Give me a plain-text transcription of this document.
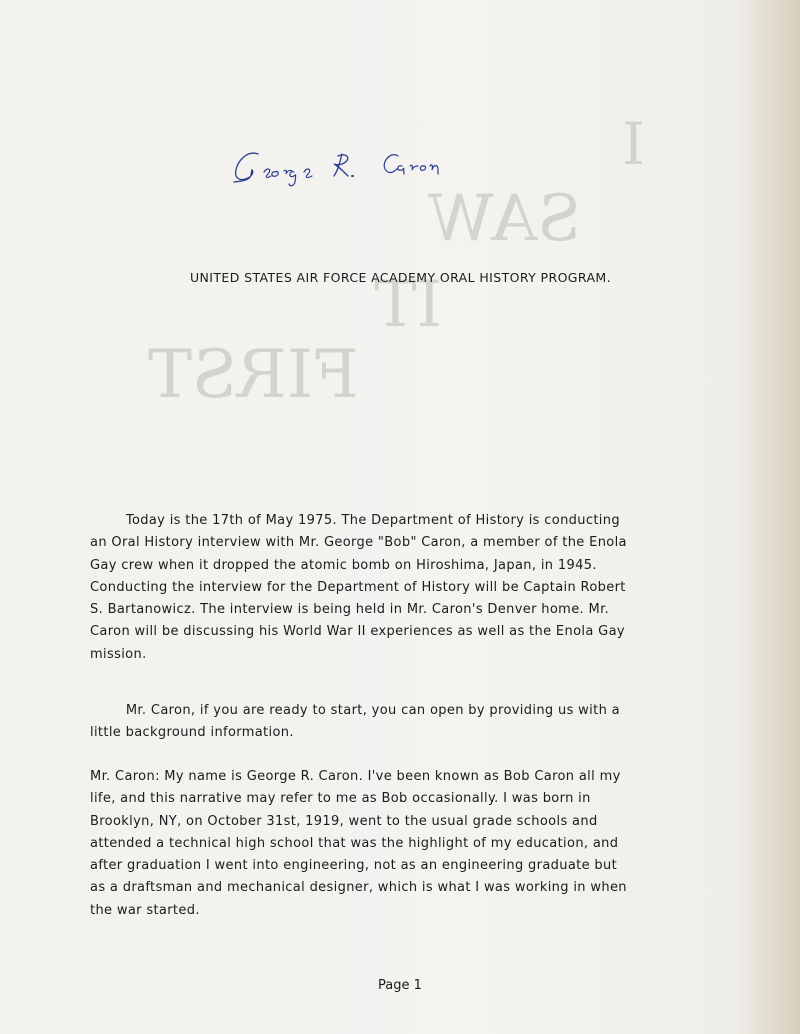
I
SAW
IT
FIRST
UNITED STATES AIR FORCE ACADEMY ORAL HISTORY PROGRAM.
Today is the 17th of May 1975. The Department of History is conducting
an Oral History interview with Mr. George "Bob" Caron, a member of the Enola
Gay crew when it dropped the atomic bomb on Hiroshima, Japan, in 1945.
Conducting the interview for the Department of History will be Captain Robert
S. Bartanowicz. The interview is being held in Mr. Caron's Denver home. Mr.
Caron will be discussing his World War II experiences as well as the Enola Gay
mission.
Mr. Caron, if you are ready to start, you can open by providing us with a
little background information.
Mr. Caron: My name is George R. Caron. I've been known as Bob Caron all my
life, and this narrative may refer to me as Bob occasionally. I was born in
Brooklyn, NY, on October 31st, 1919, went to the usual grade schools and
attended a technical high school that was the highlight of my education, and
after graduation I went into engineering, not as an engineering graduate but
as a draftsman and mechanical designer, which is what I was working in when
the war started.
Page 1
